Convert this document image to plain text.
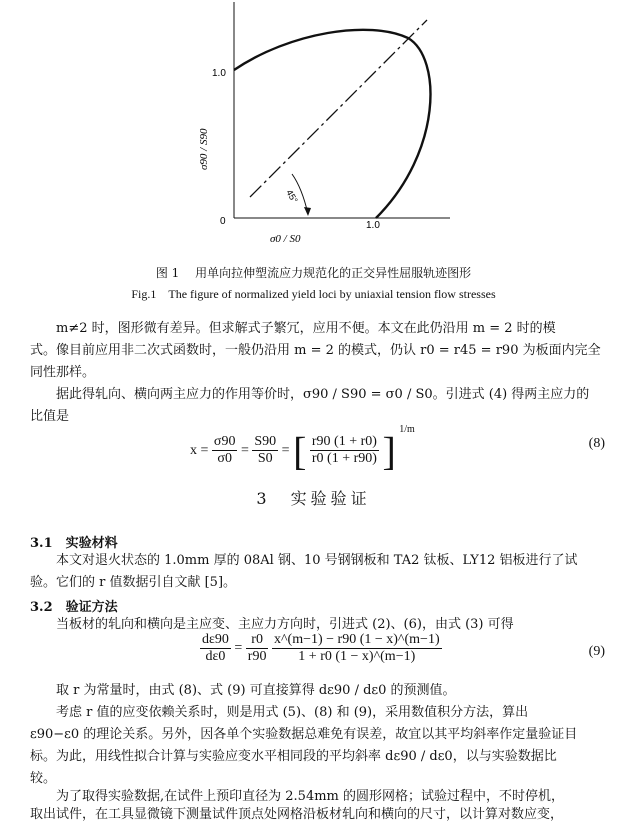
1.0
0	1.0
σ90 / S90
σ0 / S0
45°
图 1　 用单向拉伸塑流应力规范化的正交异性屈服轨迹图形
Fig.1　The figure of normalized yield loci by uniaxial tension flow stresses
m≠2 时，图形微有差异。但求解式子繁冗，应用不便。本文在此仍沿用 m = 2 时的模
式。像目前应用非二次式函数时，一般仍沿用 m = 2 的模式，仍认 r0 = r45 = r90 为板面内完全
同性那样。
据此得轧向、横向两主应力的作用等价时，σ90 / S90 = σ0 / S0。引进式 (4) 得两主应力的
比值是
$x = \frac{\sigma 90}{\sigma 0} = \frac{S90}{S0}$ = [ $\frac{r90 (1 + r0)}{r0 (1 + r90)}$ ] $^{1/m}$
(8)
3　实验验证
3.1　实验材料
本文对退火状态的 1.0mm 厚的 08Al 钢、10 号钢钢板和 TA2 钛板、LY12 铝板进行了试
验。它们的 r 值数据引自文献 [5]。
3.2　验证方法
当板材的轧向和横向是主应变、主应力方向时，引进式 (2)、(6)，由式 (3) 可得
$\frac{d\varepsilon 90}{d\varepsilon 0} = \frac{r0}{r90}$
$\frac{x\^{}(m-1) - r90 (1 - x)\^{}(m-1)}{1 + r0 (1 - x)\^{}(m-1)}$	(9)
取 r 为常量时，由式 (8)、式 (9) 可直接算得 dε90 / dε0 的预测值。
考虑 r 值的应变依赖关系时，则是用式 (5)、(8) 和 (9)，采用数值积分方法，算出
ε90−ε0 的理论关系。另外，因各单个实验数据总难免有误差，故宜以其平均斜率作定量验证目
标。为此，用线性拟合计算与实验应变水平相同段的平均斜率 dε90 / dε0，以与实验数据比
较。
为了取得实验数据,在试件上预印直径为 2.54mm 的圆形网格；试验过程中，不时停机，
取出试件，在工具显微镜下测量试件顶点处网格沿板材轧向和横向的尺寸，以计算对数应变，
